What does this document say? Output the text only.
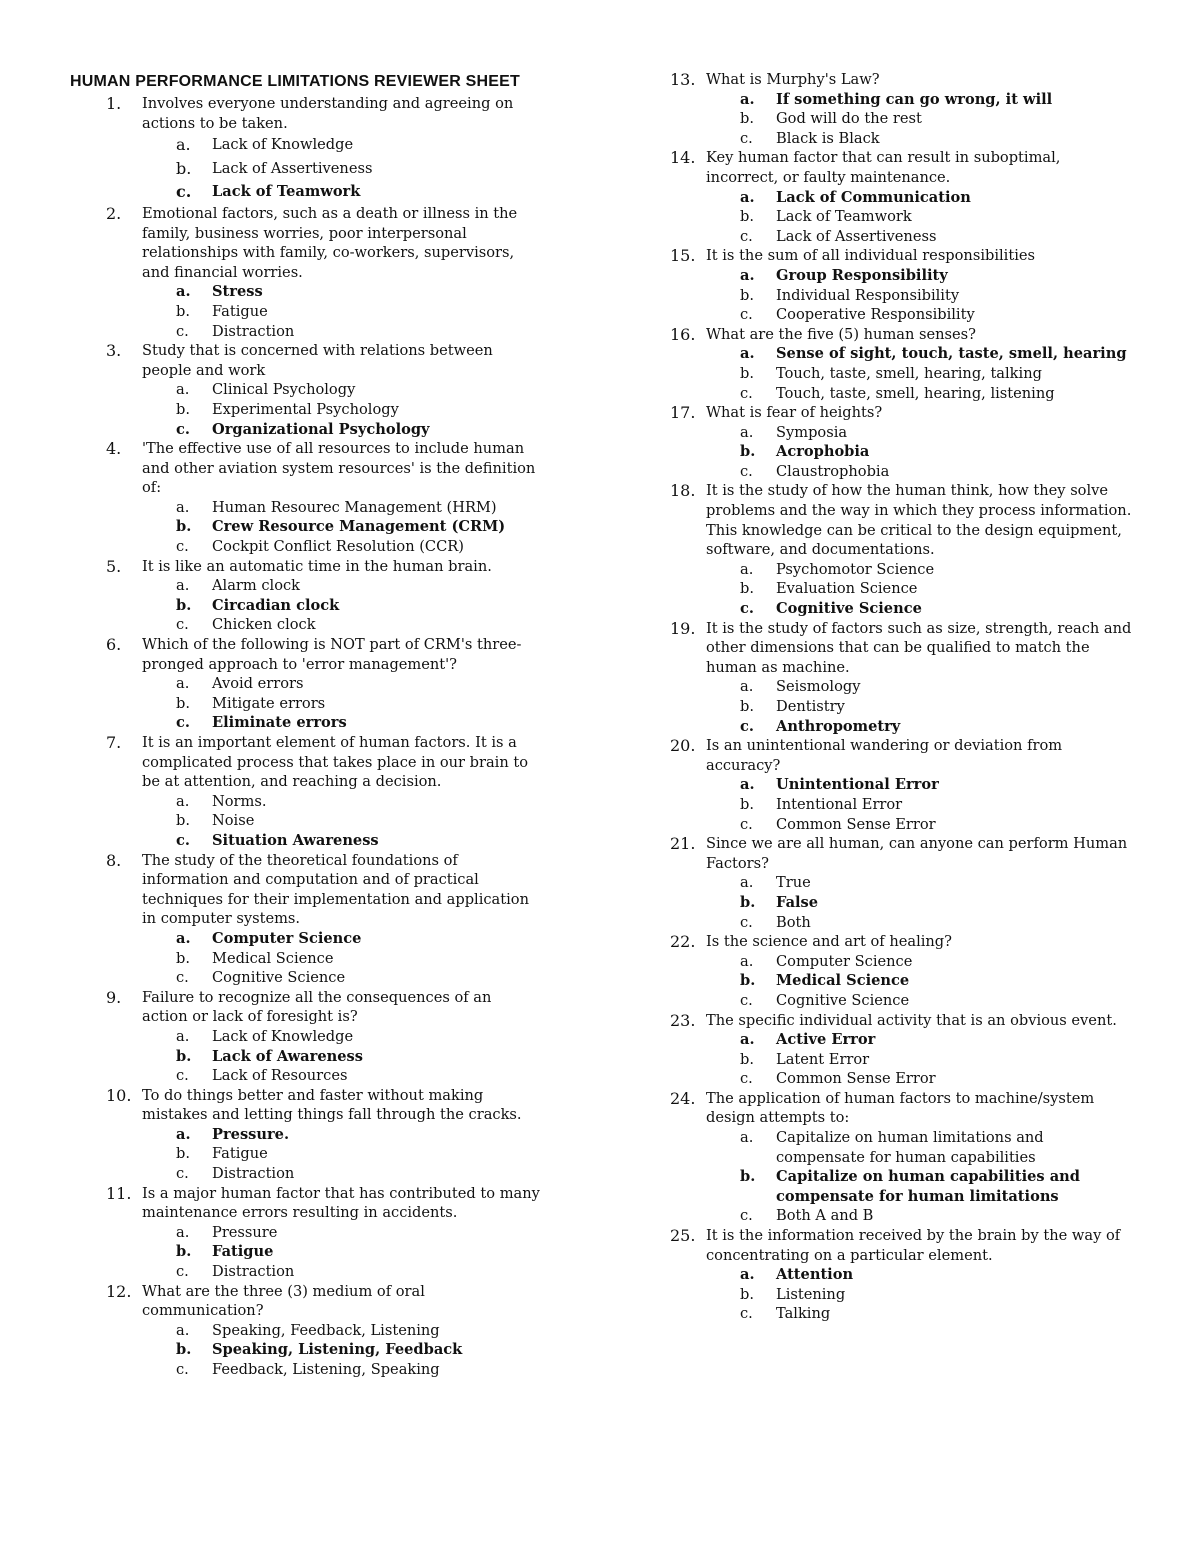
HUMAN PERFORMANCE LIMITATIONS REVIEWER SHEET
1. Involves everyone understanding and agreeing on actions to be taken.
a. Lack of Knowledge
b. Lack of Assertiveness
c. Lack of Teamwork
2. Emotional factors, such as a death or illness in the family, business worries, poor interpersonal relationships with family, co-workers, supervisors, and financial worries.
a. Stress
b. Fatigue
c. Distraction
3. Study that is concerned with relations between people and work
a. Clinical Psychology
b. Experimental Psychology
c. Organizational Psychology
4. 'The effective use of all resources to include human and other aviation system resources' is the definition of:
a. Human Resourec Management (HRM)
b. Crew Resource Management (CRM)
c. Cockpit Conflict Resolution (CCR)
5. It is like an automatic time in the human brain.
a. Alarm clock
b. Circadian clock
c. Chicken clock
6. Which of the following is NOT part of CRM's three-pronged approach to 'error management'?
a. Avoid errors
b. Mitigate errors
c. Eliminate errors
7. It is an important element of human factors. It is a complicated process that takes place in our brain to be at attention, and reaching a decision.
a. Norms.
b. Noise
c. Situation Awareness
8. The study of the theoretical foundations of information and computation and of practical techniques for their implementation and application in computer systems.
a. Computer Science
b. Medical Science
c. Cognitive Science
9. Failure to recognize all the consequences of an action or lack of foresight is?
a. Lack of Knowledge
b. Lack of Awareness
c. Lack of Resources
10. To do things better and faster without making mistakes and letting things fall through the cracks.
a. Pressure.
b. Fatigue
c. Distraction
11. Is a major human factor that has contributed to many maintenance errors resulting in accidents.
a. Pressure
b. Fatigue
c. Distraction
12. What are the three (3) medium of oral communication?
a. Speaking, Feedback, Listening
b. Speaking, Listening, Feedback
c. Feedback, Listening, Speaking
13. What is Murphy's Law?
a. If something can go wrong, it will
b. God will do the rest
c. Black is Black
14. Key human factor that can result in suboptimal, incorrect, or faulty maintenance.
a. Lack of Communication
b. Lack of Teamwork
c. Lack of Assertiveness
15. It is the sum of all individual responsibilities
a. Group Responsibility
b. Individual Responsibility
c. Cooperative Responsibility
16. What are the five (5) human senses?
a. Sense of sight, touch, taste, smell, hearing
b. Touch, taste, smell, hearing, talking
c. Touch, taste, smell, hearing, listening
17. What is fear of heights?
a. Symposia
b. Acrophobia
c. Claustrophobia
18. It is the study of how the human think, how they solve problems and the way in which they process information. This knowledge can be critical to the design equipment, software, and documentations.
a. Psychomotor Science
b. Evaluation Science
c. Cognitive Science
19. It is the study of factors such as size, strength, reach and other dimensions that can be qualified to match the human as machine.
a. Seismology
b. Dentistry
c. Anthropometry
20. Is an unintentional wandering or deviation from accuracy?
a. Unintentional Error
b. Intentional Error
c. Common Sense Error
21. Since we are all human, can anyone can perform Human Factors?
a. True
b. False
c. Both
22. Is the science and art of healing?
a. Computer Science
b. Medical Science
c. Cognitive Science
23. The specific individual activity that is an obvious event.
a. Active Error
b. Latent Error
c. Common Sense Error
24. The application of human factors to machine/system design attempts to:
a. Capitalize on human limitations and compensate for human capabilities
b. Capitalize on human capabilities and compensate for human limitations
c. Both A and B
25. It is the information received by the brain by the way of concentrating on a particular element.
a. Attention
b. Listening
c. Talking
